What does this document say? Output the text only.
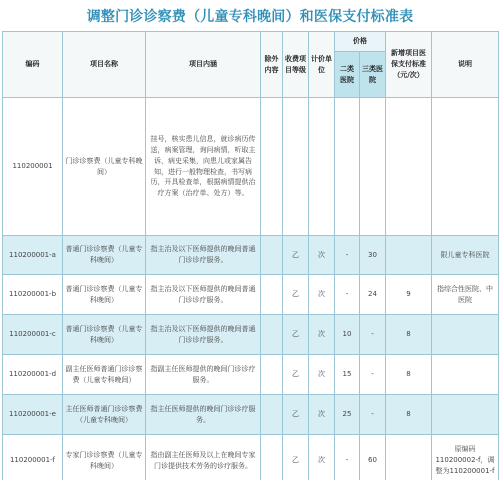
调整门诊诊察费（儿童专科晚间）和医保支付标准表
编码	项目名称	项目内涵	除外内容	收费项目等级	计价单位	价格		新增项目医保支付标准（元/次）	说明
						二类医院	三类医院		
110200001	门诊诊察费（儿童专科晚间）	挂号，核实患儿信息，就诊病历传送，病案管理，询问病情，听取主诉，病史采集，向患儿或家属告知，进行一般物理检查，书写病历，开具检查单，根据病情提供治疗方案（治疗单、处方）等。							
110200001-a	普通门诊诊察费（儿童专科晚间）	指主治及以下医师提供的晚间普通门诊诊疗服务。		乙	次	-	30		限儿童专科医院
110200001-b	普通门诊诊察费（儿童专科晚间）	指主治及以下医师提供的晚间普通门诊诊疗服务。		乙	次	-	24	9	指综合性医院、中医院
110200001-c	普通门诊诊察费（儿童专科晚间）	指主治及以下医师提供的晚间普通门诊诊疗服务。		乙	次	10	-	8	
110200001-d	副主任医师普通门诊诊察费（儿童专科晚间）	指副主任医师提供的晚间门诊诊疗服务。		乙	次	15	-	8	
110200001-e	主任医师普通门诊诊察费（儿童专科晚间）	指主任医师提供的晚间门诊诊疗服务。		乙	次	25	-	8	
110200001-f	专家门诊诊察费（儿童专科晚间）	指由副主任医师及以上在晚间专家门诊提供技术劳务的诊疗服务。		乙	次	-	60		原编码110200002-f，调整为110200001-f
